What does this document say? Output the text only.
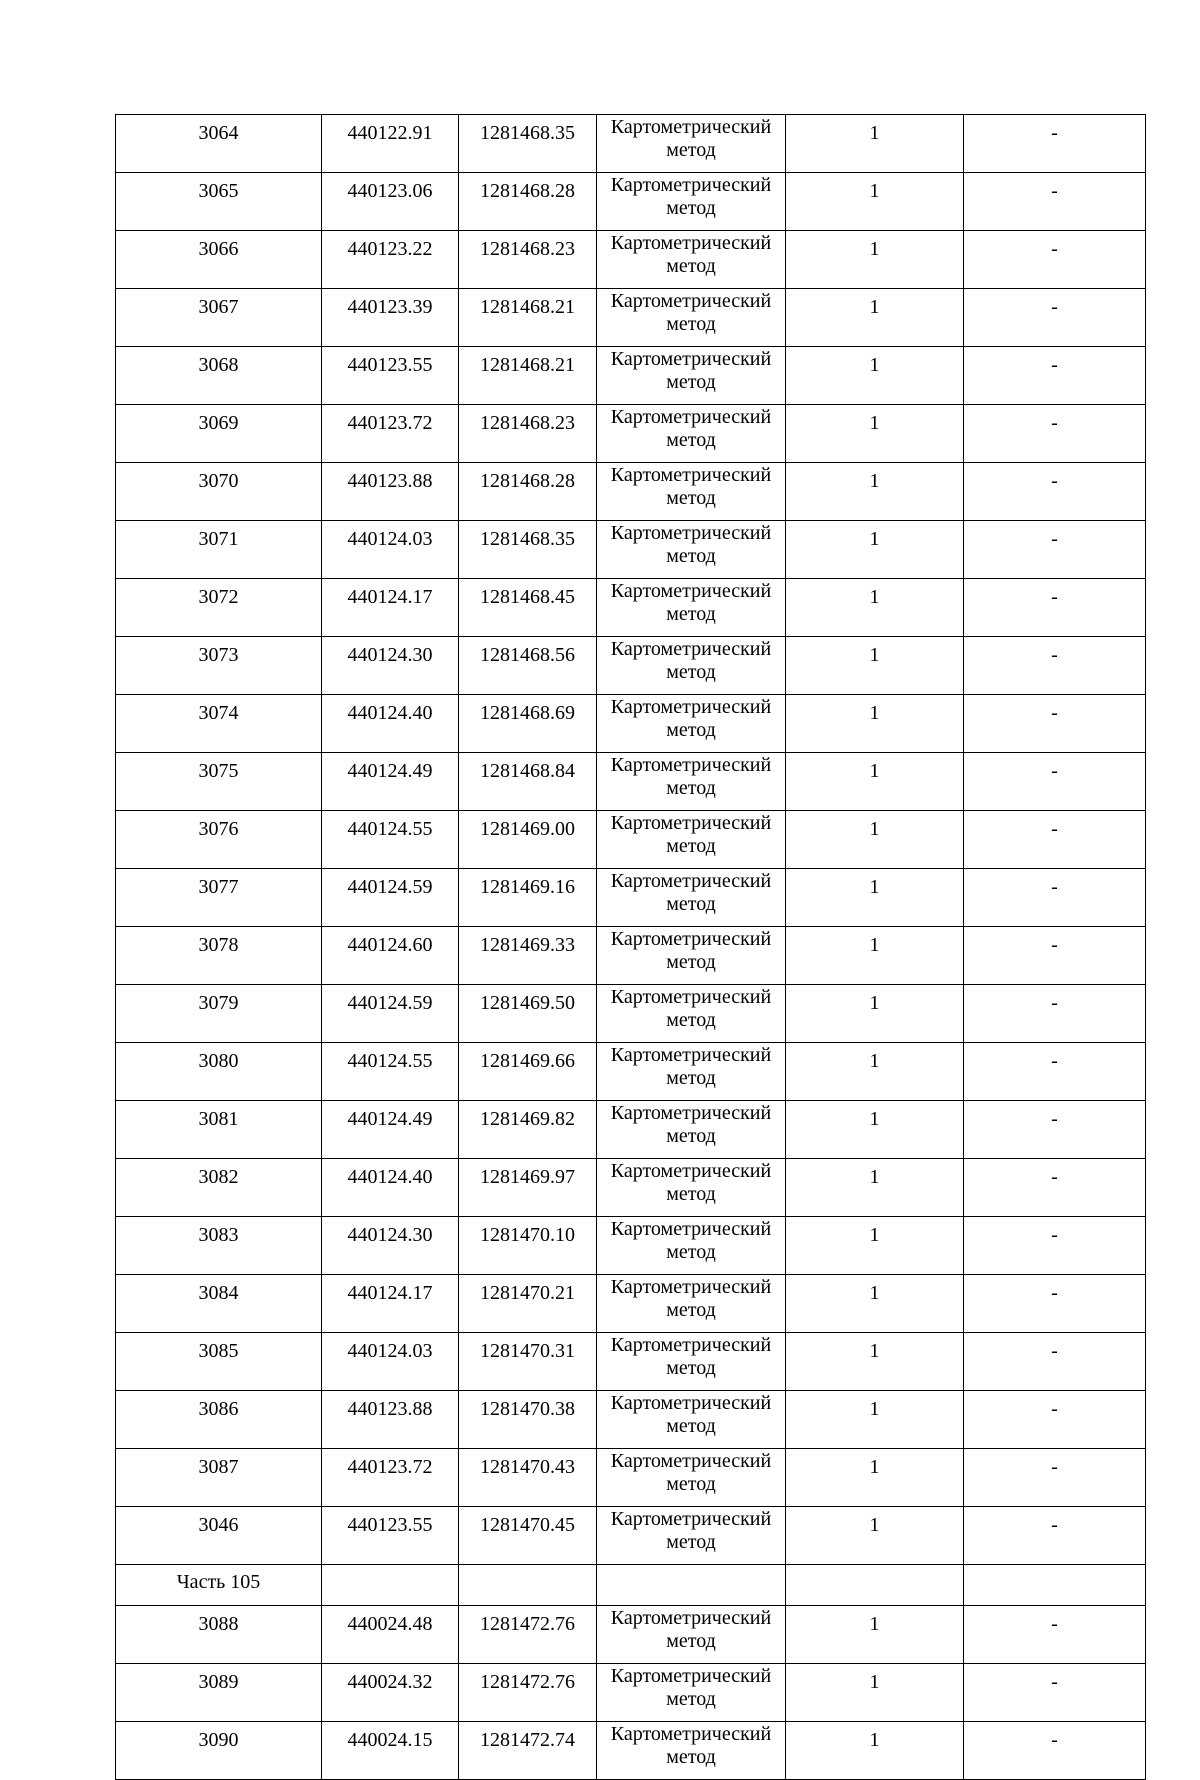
3064	440122.91	1281468.35	Картометрический метод	1	-
3065	440123.06	1281468.28	Картометрический метод	1	-
3066	440123.22	1281468.23	Картометрический метод	1	-
3067	440123.39	1281468.21	Картометрический метод	1	-
3068	440123.55	1281468.21	Картометрический метод	1	-
3069	440123.72	1281468.23	Картометрический метод	1	-
3070	440123.88	1281468.28	Картометрический метод	1	-
3071	440124.03	1281468.35	Картометрический метод	1	-
3072	440124.17	1281468.45	Картометрический метод	1	-
3073	440124.30	1281468.56	Картометрический метод	1	-
3074	440124.40	1281468.69	Картометрический метод	1	-
3075	440124.49	1281468.84	Картометрический метод	1	-
3076	440124.55	1281469.00	Картометрический метод	1	-
3077	440124.59	1281469.16	Картометрический метод	1	-
3078	440124.60	1281469.33	Картометрический метод	1	-
3079	440124.59	1281469.50	Картометрический метод	1	-
3080	440124.55	1281469.66	Картометрический метод	1	-
3081	440124.49	1281469.82	Картометрический метод	1	-
3082	440124.40	1281469.97	Картометрический метод	1	-
3083	440124.30	1281470.10	Картометрический метод	1	-
3084	440124.17	1281470.21	Картометрический метод	1	-
3085	440124.03	1281470.31	Картометрический метод	1	-
3086	440123.88	1281470.38	Картометрический метод	1	-
3087	440123.72	1281470.43	Картометрический метод	1	-
3046	440123.55	1281470.45	Картометрический метод	1	-
Часть 105					
3088	440024.48	1281472.76	Картометрический метод	1	-
3089	440024.32	1281472.76	Картометрический метод	1	-
3090	440024.15	1281472.74	Картометрический метод	1	-
